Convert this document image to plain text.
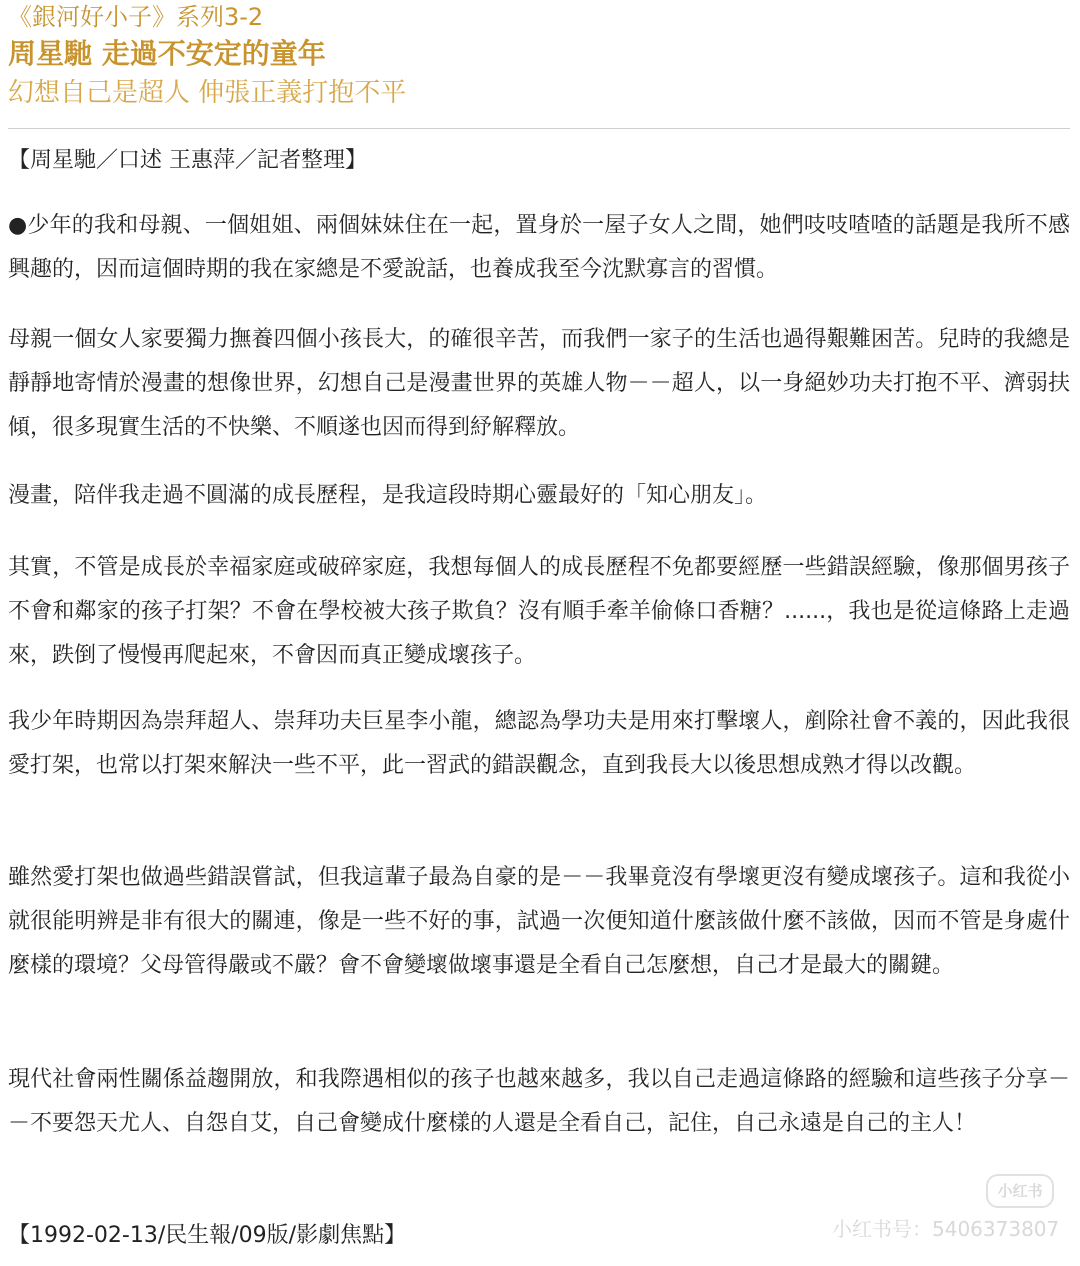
《銀河好小子》系列3-2
周星馳 走過不安定的童年
幻想自己是超人 伸張正義打抱不平
【周星馳／口述 王惠萍／記者整理】
●少年的我和母親、一個姐姐、兩個妹妹住在一起，置身於一屋子女人之間，她們吱吱喳喳的話題是我所不感興趣的，因而這個時期的我在家總是不愛說話，也養成我至今沈默寡言的習慣。
母親一個女人家要獨力撫養四個小孩長大，的確很辛苦，而我們一家子的生活也過得艱難困苦。兒時的我總是靜靜地寄情於漫畫的想像世界，幻想自己是漫畫世界的英雄人物－－超人，以一身絕妙功夫打抱不平、濟弱扶傾，很多現實生活的不快樂、不順遂也因而得到紓解釋放。
漫畫，陪伴我走過不圓滿的成長歷程，是我這段時期心靈最好的「知心朋友」。
其實，不管是成長於幸福家庭或破碎家庭，我想每個人的成長歷程不免都要經歷一些錯誤經驗，像那個男孩子不會和鄰家的孩子打架？不會在學校被大孩子欺負？沒有順手牽羊偷條口香糖？......，我也是從這條路上走過來，跌倒了慢慢再爬起來，不會因而真正變成壞孩子。
我少年時期因為崇拜超人、崇拜功夫巨星李小龍，總認為學功夫是用來打擊壞人，剷除社會不義的，因此我很愛打架，也常以打架來解決一些不平，此一習武的錯誤觀念，直到我長大以後思想成熟才得以改觀。
雖然愛打架也做過些錯誤嘗試，但我這輩子最為自豪的是－－我畢竟沒有學壞更沒有變成壞孩子。這和我從小就很能明辨是非有很大的關連，像是一些不好的事，試過一次便知道什麼該做什麼不該做，因而不管是身處什麼樣的環境？父母管得嚴或不嚴？會不會變壞做壞事還是全看自己怎麼想，自己才是最大的關鍵。
現代社會兩性關係益趨開放，和我際遇相似的孩子也越來越多，我以自己走過這條路的經驗和這些孩子分享－－不要怨天尤人、自怨自艾，自己會變成什麼樣的人還是全看自己，記住，自己永遠是自己的主人！
小红书
小红书号：5406373807
【1992-02-13/民生報/09版/影劇焦點】
